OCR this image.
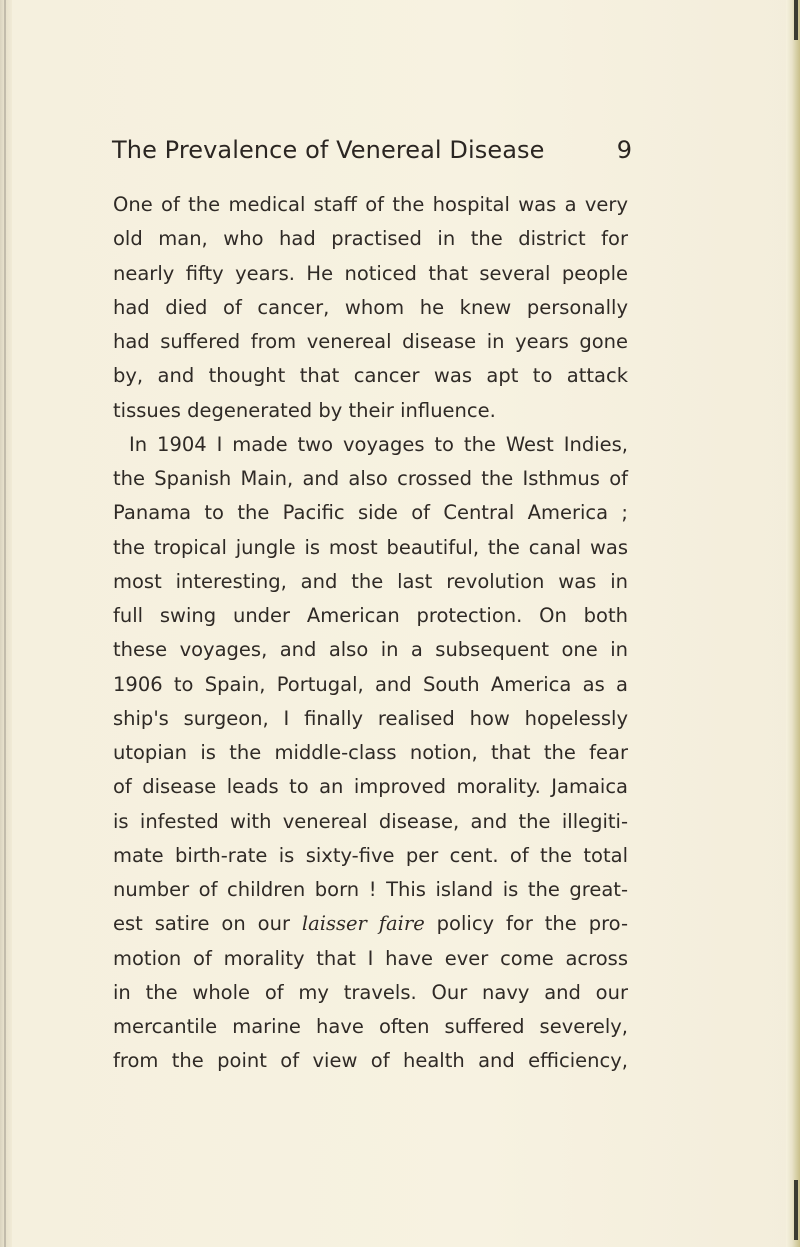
The Prevalence of Venereal Disease	9
One of the medical staff of the hospital was a very
old man, who had practised in the district for
nearly fifty years. He noticed that several people
had died of cancer, whom he knew personally
had suffered from venereal disease in years gone
by, and thought that cancer was apt to attack
tissues degenerated by their influence.
In 1904 I made two voyages to the West Indies,
the Spanish Main, and also crossed the Isthmus of
Panama to the Pacific side of Central America ;
the tropical jungle is most beautiful, the canal was
most interesting, and the last revolution was in
full swing under American protection. On both
these voyages, and also in a subsequent one in
1906 to Spain, Portugal, and South America as a
ship's surgeon, I finally realised how hopelessly
utopian is the middle-class notion, that the fear
of disease leads to an improved morality. Jamaica
is infested with venereal disease, and the illegiti-
mate birth-rate is sixty-five per cent. of the total
number of children born ! This island is the great-
est satire on our laisser faire policy for the pro-
motion of morality that I have ever come across
in the whole of my travels. Our navy and our
mercantile marine have often suffered severely,
from the point of view of health and efficiency,
